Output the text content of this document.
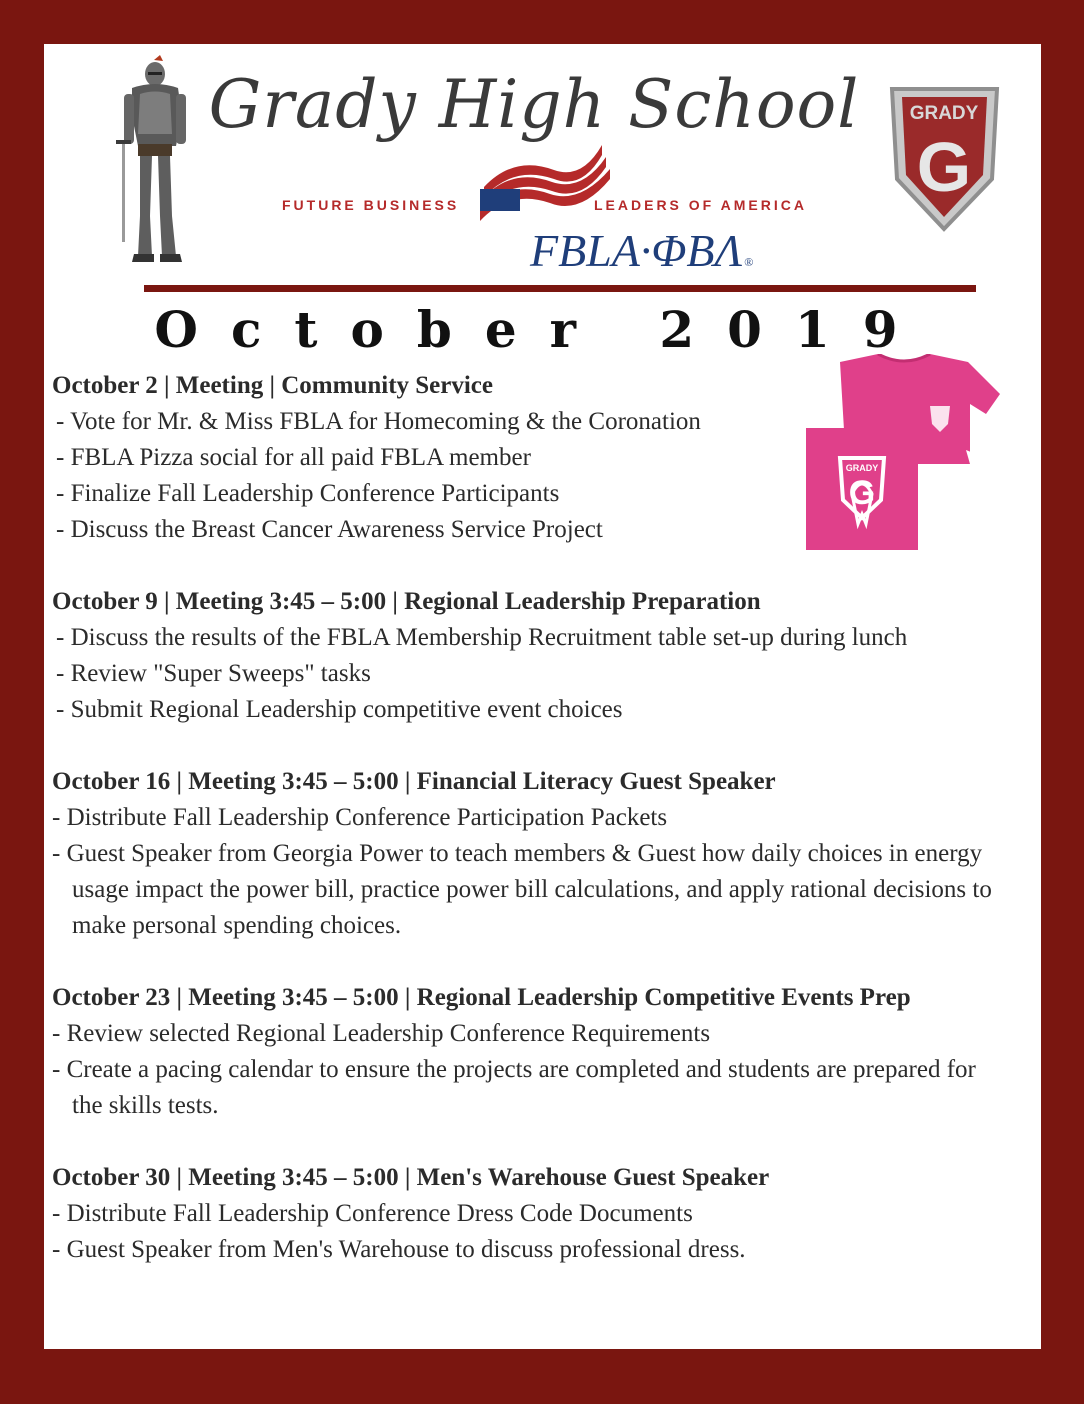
Grady High School	GRADY
G
FUTURE BUSINESS	LEADERS OF AMERICA
FBLA·ΦΒΛ ®
October 2019
GRADY
G
October 2 | Meeting | Community Service
- Vote for Mr. & Miss FBLA for Homecoming & the Coronation
- FBLA Pizza social for all paid FBLA member
- Finalize Fall Leadership Conference Participants
- Discuss the Breast Cancer Awareness Service Project
October 9 | Meeting 3:45 – 5:00 | Regional Leadership Preparation
- Discuss the results of the FBLA Membership Recruitment table set-up during lunch
- Review "Super Sweeps" tasks
- Submit Regional Leadership competitive event choices
October 16 | Meeting 3:45 – 5:00 | Financial Literacy Guest Speaker
- Distribute Fall Leadership Conference Participation Packets
- Guest Speaker from Georgia Power to teach members & Guest how daily choices in energy usage impact the power bill, practice power bill calculations, and apply rational decisions to make personal spending choices.
October 23 | Meeting 3:45 – 5:00 | Regional Leadership Competitive Events Prep
- Review selected Regional Leadership Conference Requirements
- Create a pacing calendar to ensure the projects are completed and students are prepared for the skills tests.
October 30 | Meeting 3:45 – 5:00 | Men's Warehouse Guest Speaker
- Distribute Fall Leadership Conference Dress Code Documents
- Guest Speaker from Men's Warehouse to discuss professional dress.
